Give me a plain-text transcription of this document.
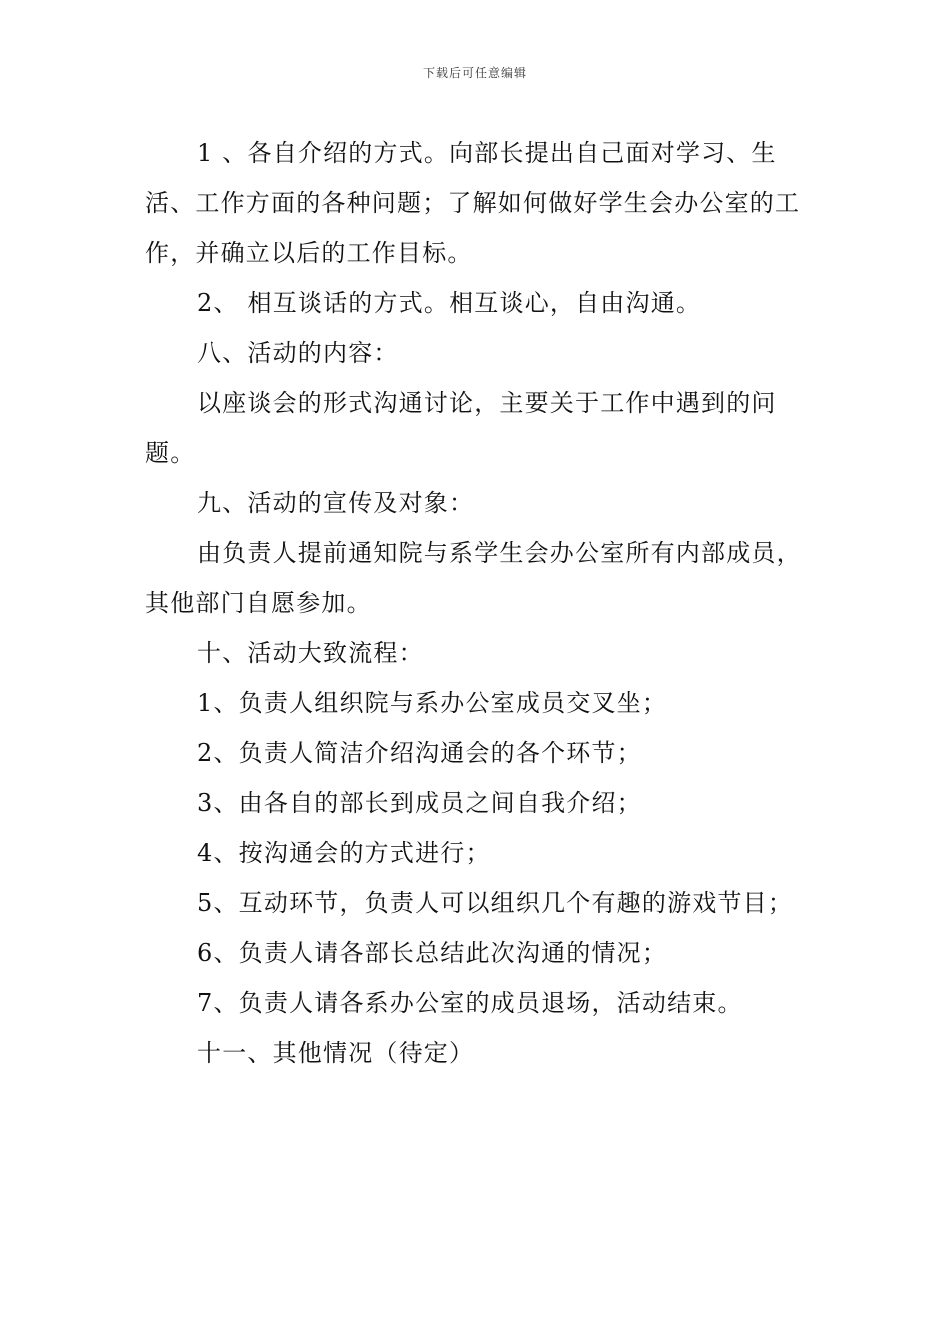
下载后可任意编辑

1 、各自介绍的方式。向部长提出自己面对学习、生活、工作方面的各种问题；了解如何做好学生会办公室的工作，并确立以后的工作目标。

2、 相互谈话的方式。相互谈心，自由沟通。

八、活动的内容：

以座谈会的形式沟通讨论，主要关于工作中遇到的问题。

九、活动的宣传及对象：

由负责人提前通知院与系学生会办公室所有内部成员，其他部门自愿参加。

十、活动大致流程：

1、负责人组织院与系办公室成员交叉坐；

2、负责人简洁介绍沟通会的各个环节；

3、由各自的部长到成员之间自我介绍；

4、按沟通会的方式进行；

5、互动环节，负责人可以组织几个有趣的游戏节目；

6、负责人请各部长总结此次沟通的情况；

7、负责人请各系办公室的成员退场，活动结束。

十一、其他情况（待定）
